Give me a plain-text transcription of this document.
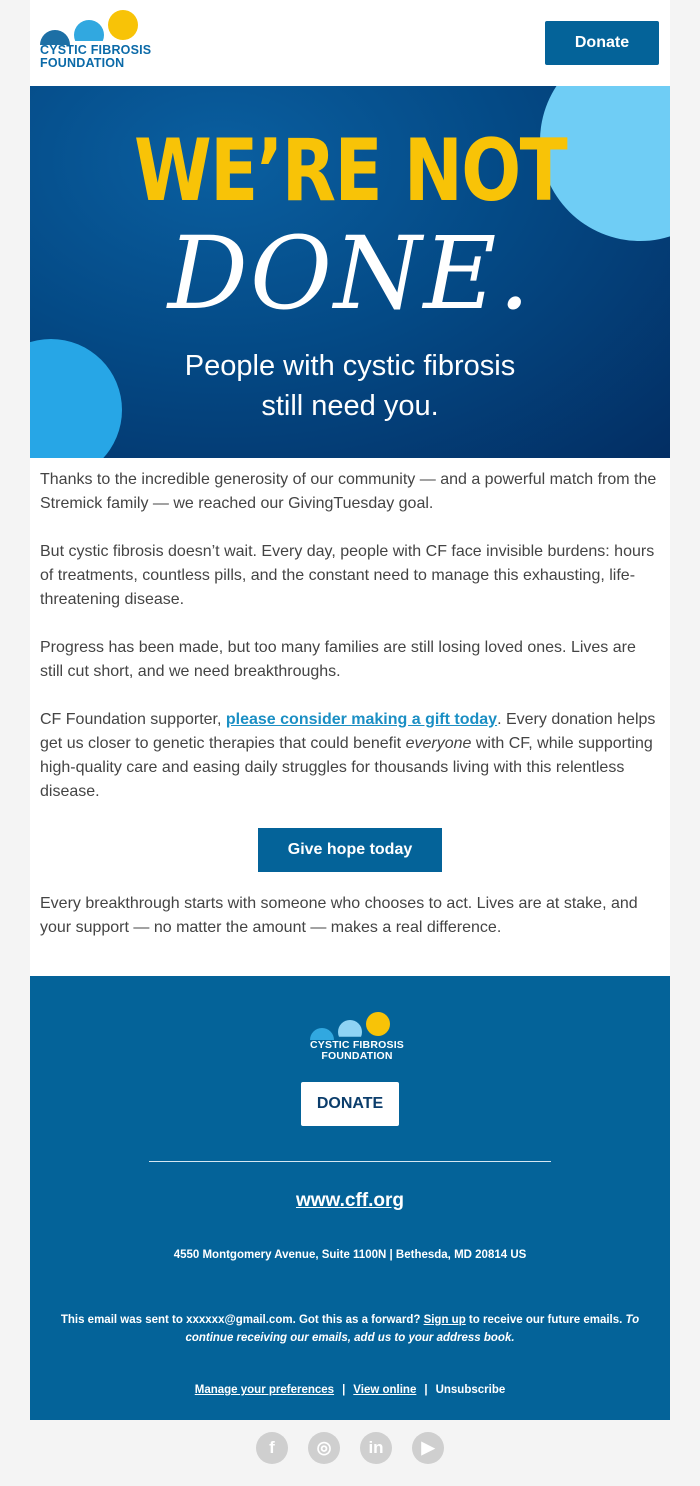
CYSTIC FIBROSIS
FOUNDATION
Donate
WE’RE NOT
DONE.
People with cystic fibrosis
still need you.

Thanks to the incredible generosity of our community — and a powerful match from the Stremick family — we reached our GivingTuesday goal.

But cystic fibrosis doesn’t wait. Every day, people with CF face invisible burdens: hours of treatments, countless pills, and the constant need to manage this exhausting, life-threatening disease.

Progress has been made, but too many families are still losing loved ones. Lives are still cut short, and we need breakthroughs.

CF Foundation supporter, please consider making a gift today. Every donation helps get us closer to genetic therapies that could benefit everyone with CF, while supporting high-quality care and easing daily struggles for thousands living with this relentless disease.

Give hope today

Every breakthrough starts with someone who chooses to act. Lives are at stake, and your support — no matter the amount — makes a real difference.

CYSTIC FIBROSIS
FOUNDATION
DONATE
www.cff.org
4550 Montgomery Avenue, Suite 1100N | Bethesda, MD 20814 US
This email was sent to xxxxxx@gmail.com. Got this as a forward? Sign up to receive our future emails. To continue receiving our emails, add us to your address book.
Manage your preferences | View online | Unsubscribe
f ◎ in ▶
